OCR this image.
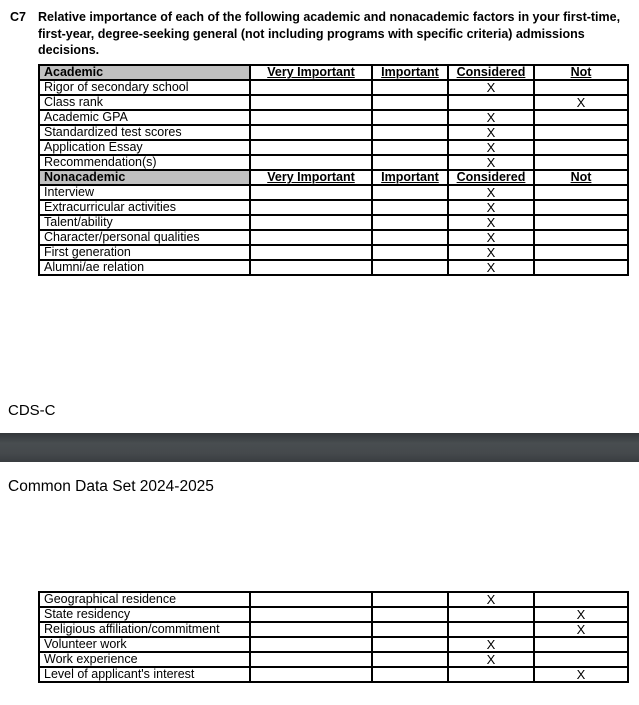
C7 Relative importance of each of the following academic and nonacademic factors in your first-time, first-year, degree-seeking general (not including programs with specific criteria) admissions decisions.
Academic	Very Important	Important	Considered	Not
Rigor of secondary school			X	
Class rank				X
Academic GPA			X	
Standardized test scores			X	
Application Essay			X	
Recommendation(s)			X	
Nonacademic	Very Important	Important	Considered	Not
Interview			X	
Extracurricular activities			X	
Talent/ability			X	
Character/personal qualities			X	
First generation			X	
Alumni/ae relation			X	
CDS-C
Common Data Set 2024-2025
Geographical residence			X	
State residency				X
Religious affiliation/commitment				X
Volunteer work			X	
Work experience			X	
Level of applicant's interest				X
